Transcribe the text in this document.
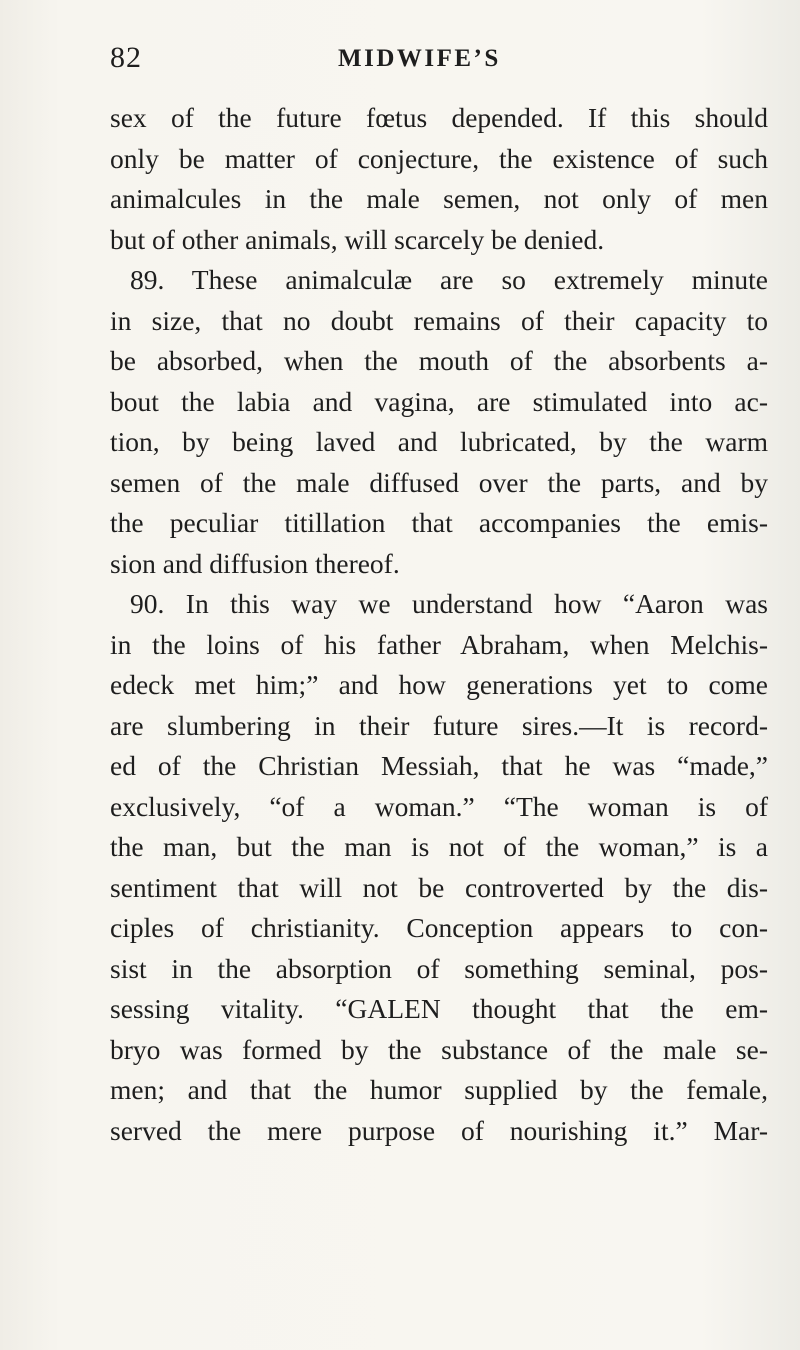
82	MIDWIFE’S
sex of the future fœtus depended. If this should
only be matter of conjecture, the existence of such
animalcules in the male semen, not only of men
but of other animals, will scarcely be denied.
89. These animalculæ are so extremely minute
in size, that no doubt remains of their capacity to
be absorbed, when the mouth of the absorbents a-
bout the labia and vagina, are stimulated into ac-
tion, by being laved and lubricated, by the warm
semen of the male diffused over the parts, and by
the peculiar titillation that accompanies the emis-
sion and diffusion thereof.
90. In this way we understand how “Aaron was
in the loins of his father Abraham, when Melchis-
edeck met him;” and how generations yet to come
are slumbering in their future sires.—It is record-
ed of the Christian Messiah, that he was “made,”
exclusively, “of a woman.” “The woman is of
the man, but the man is not of the woman,” is a
sentiment that will not be controverted by the dis-
ciples of christianity. Conception appears to con-
sist in the absorption of something seminal, pos-
sessing vitality. “GALEN thought that the em-
bryo was formed by the substance of the male se-
men; and that the humor supplied by the female,
served the mere purpose of nourishing it.” Mar-
